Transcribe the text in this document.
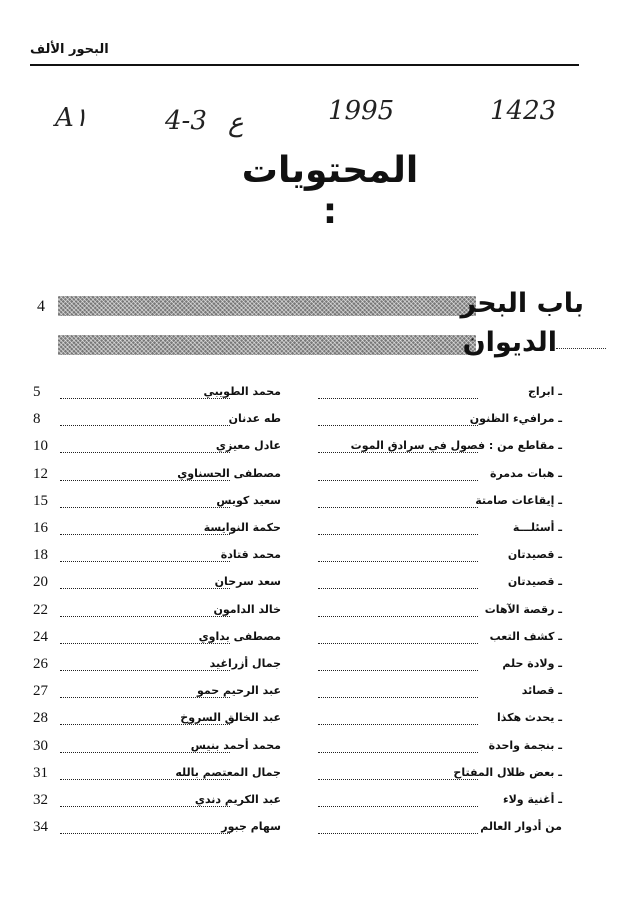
البحور الألف
A١	4-3 ع	1995	1423
المحتويات :
باب البحر
4
الديوان
5	محمد الطويبي	ـ ابراج
8	طه عدنان	ـ مرافيء الظنون
10	عادل معيزي	ـ مقاطع من : فصول في سرادق الموت
12	مصطفى الحسناوي	ـ هبات مدمرة
15	سعيد كويس	ـ إيقاعات صامتة
16	حكمة النوايسة	ـ أسئلـــة
18	محمد قتادة	ـ قصيدتان
20	سعد سرحان	ـ قصيدتان
22	خالد الدامون	ـ رقصة الآهات
24	مصطفى بداوي	ـ كشف التعب
26	جمال أزراغيد	ـ ولادة حلم
27	عبد الرحيم حمو	ـ قصائد
28	عبد الخالق السروخ	ـ يحدث هكذا
30	محمد أحمد بنيس	ـ بنجمة واحدة
31	جمال المعتصم بالله	ـ بعض ظلال المفتاح
32	عبد الكريم دندي	ـ أغنية ولاء
34	سهام جبور	من أدوار العالم
